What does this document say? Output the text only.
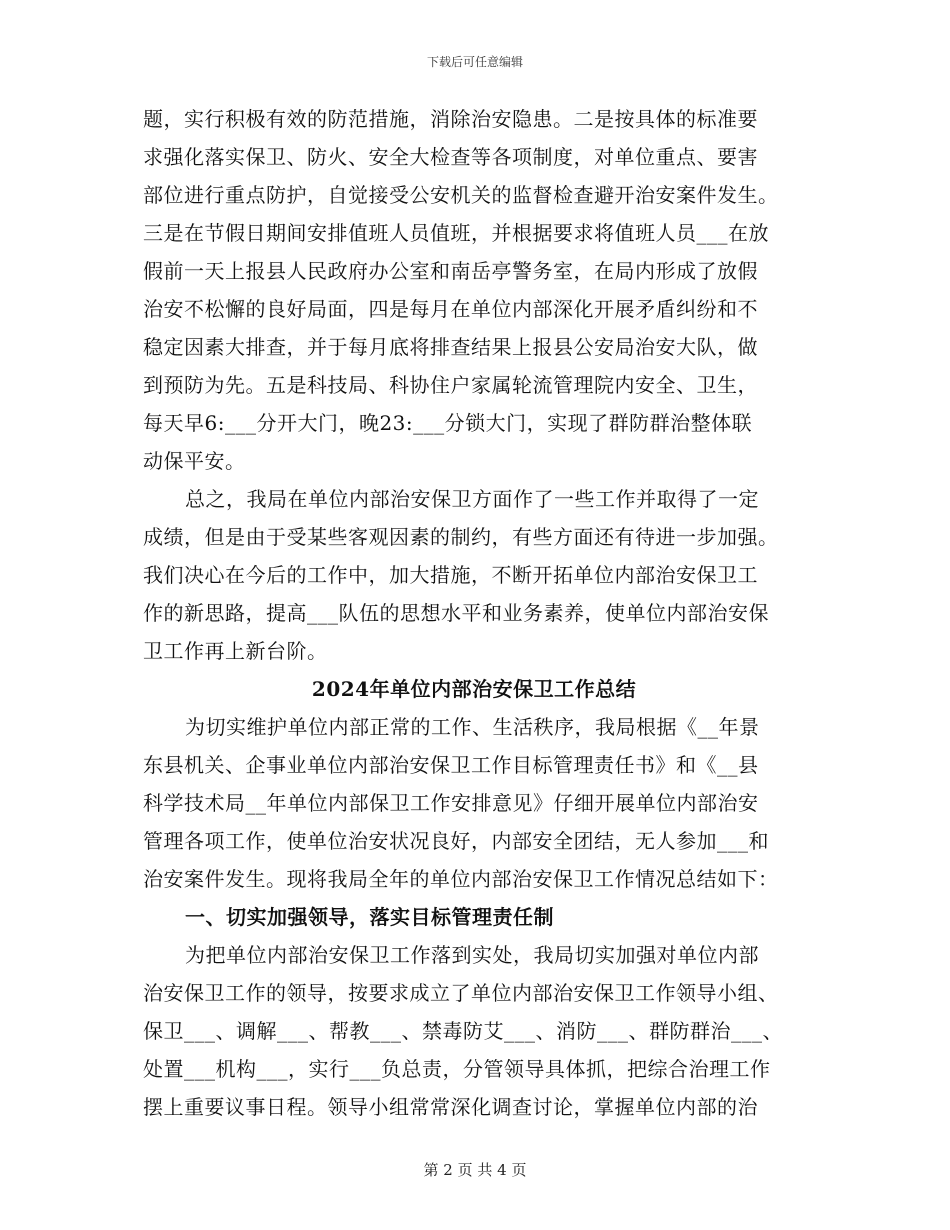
下载后可任意编辑
题，实行积极有效的防范措施，消除治安隐患。二是按具体的标准要
求强化落实保卫、防火、安全大检查等各项制度，对单位重点、要害
部位进行重点防护，自觉接受公安机关的监督检查避开治安案件发生。
三是在节假日期间安排值班人员值班，并根据要求将值班人员___在放
假前一天上报县人民政府办公室和南岳亭警务室，在局内形成了放假
治安不松懈的良好局面，四是每月在单位内部深化开展矛盾纠纷和不
稳定因素大排查，并于每月底将排查结果上报县公安局治安大队，做
到预防为先。五是科技局、科协住户家属轮流管理院内安全、卫生，
每天早6:___分开大门，晚23:___分锁大门，实现了群防群治整体联
动保平安。
总之，我局在单位内部治安保卫方面作了一些工作并取得了一定
成绩，但是由于受某些客观因素的制约，有些方面还有待进一步加强。
我们决心在今后的工作中，加大措施，不断开拓单位内部治安保卫工
作的新思路，提高___队伍的思想水平和业务素养，使单位内部治安保
卫工作再上新台阶。
2024年单位内部治安保卫工作总结
为切实维护单位内部正常的工作、生活秩序，我局根据《__年景
东县机关、企事业单位内部治安保卫工作目标管理责任书》和《__县
科学技术局__年单位内部保卫工作安排意见》仔细开展单位内部治安
管理各项工作，使单位治安状况良好，内部安全团结，无人参加___和
治安案件发生。现将我局全年的单位内部治安保卫工作情况总结如下：
一、切实加强领导，落实目标管理责任制
为把单位内部治安保卫工作落到实处，我局切实加强对单位内部
治安保卫工作的领导，按要求成立了单位内部治安保卫工作领导小组、
保卫___、调解___、帮教___、禁毒防艾___、消防___、群防群治___、
处置___机构___，实行___负总责，分管领导具体抓，把综合治理工作
摆上重要议事日程。领导小组常常深化调查讨论，掌握单位内部的治
第 2 页 共 4 页
